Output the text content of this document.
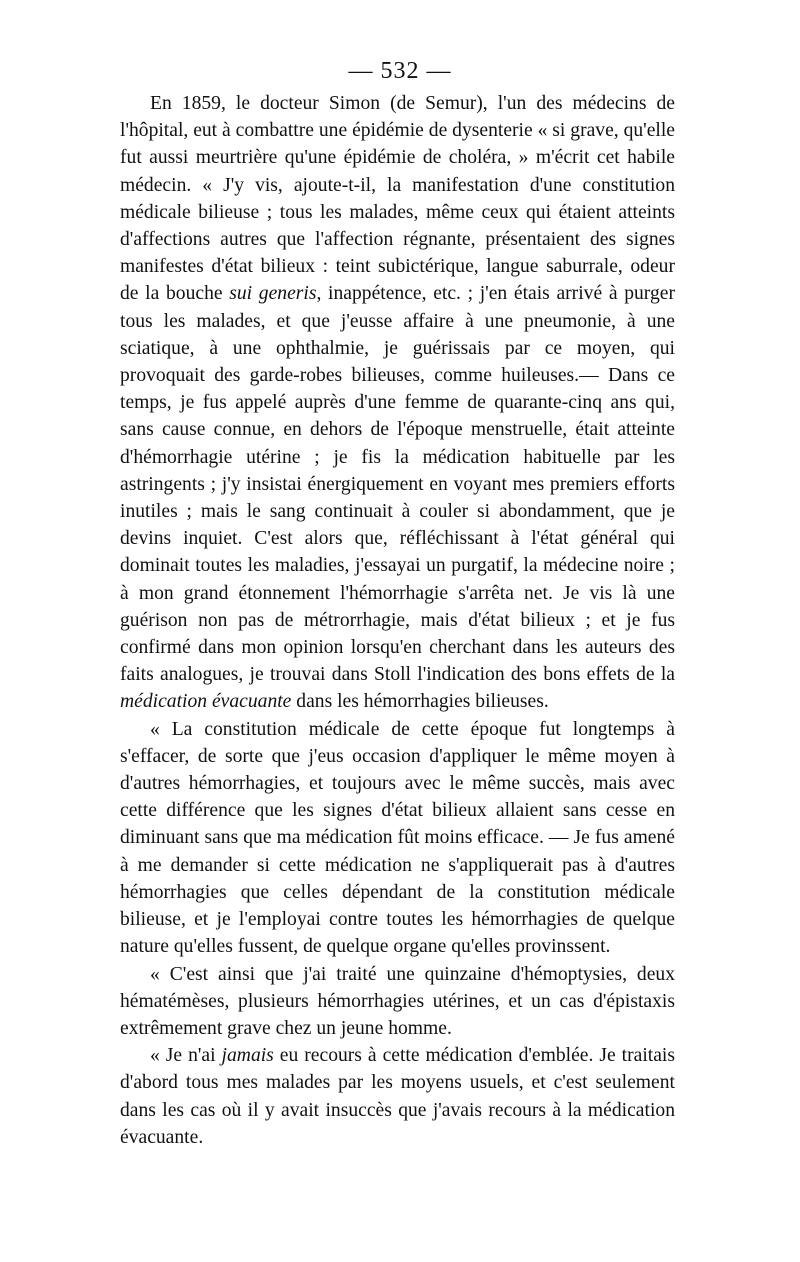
— 532 —

En 1859, le docteur Simon (de Semur), l'un des médecins de l'hôpital, eut à combattre une épidémie de dysenterie « si grave, qu'elle fut aussi meurtrière qu'une épidémie de choléra, » m'écrit cet habile médecin. « J'y vis, ajoute-t-il, la manifestation d'une constitution médicale bilieuse ; tous les malades, même ceux qui étaient atteints d'affections autres que l'affection régnante, présentaient des signes manifestes d'état bilieux : teint subictérique, langue saburrale, odeur de la bouche sui generis, inappétence, etc. ; j'en étais arrivé à purger tous les malades, et que j'eusse affaire à une pneumonie, à une sciatique, à une ophthalmie, je guérissais par ce moyen, qui provoquait des garde-robes bilieuses, comme huileuses.— Dans ce temps, je fus appelé auprès d'une femme de quarante-cinq ans qui, sans cause connue, en dehors de l'époque menstruelle, était atteinte d'hémorrhagie utérine ; je fis la médication habituelle par les astringents ; j'y insistai énergiquement en voyant mes premiers efforts inutiles ; mais le sang continuait à couler si abondamment, que je devins inquiet. C'est alors que, réfléchissant à l'état général qui dominait toutes les maladies, j'essayai un purgatif, la médecine noire ; à mon grand étonnement l'hémorrhagie s'arrêta net. Je vis là une guérison non pas de métrorrhagie, mais d'état bilieux ; et je fus confirmé dans mon opinion lorsqu'en cherchant dans les auteurs des faits analogues, je trouvai dans Stoll l'indication des bons effets de la médication évacuante dans les hémorrhagies bilieuses.

« La constitution médicale de cette époque fut longtemps à s'effacer, de sorte que j'eus occasion d'appliquer le même moyen à d'autres hémorrhagies, et toujours avec le même succès, mais avec cette différence que les signes d'état bilieux allaient sans cesse en diminuant sans que ma médication fût moins efficace. — Je fus amené à me demander si cette médication ne s'appliquerait pas à d'autres hémorrhagies que celles dépendant de la constitution médicale bilieuse, et je l'employai contre toutes les hémorrhagies de quelque nature qu'elles fussent, de quelque organe qu'elles provinssent.

« C'est ainsi que j'ai traité une quinzaine d'hémoptysies, deux hématémèses, plusieurs hémorrhagies utérines, et un cas d'épistaxis extrêmement grave chez un jeune homme.

« Je n'ai jamais eu recours à cette médication d'emblée. Je traitais d'abord tous mes malades par les moyens usuels, et c'est seulement dans les cas où il y avait insuccès que j'avais recours à la médication évacuante.
